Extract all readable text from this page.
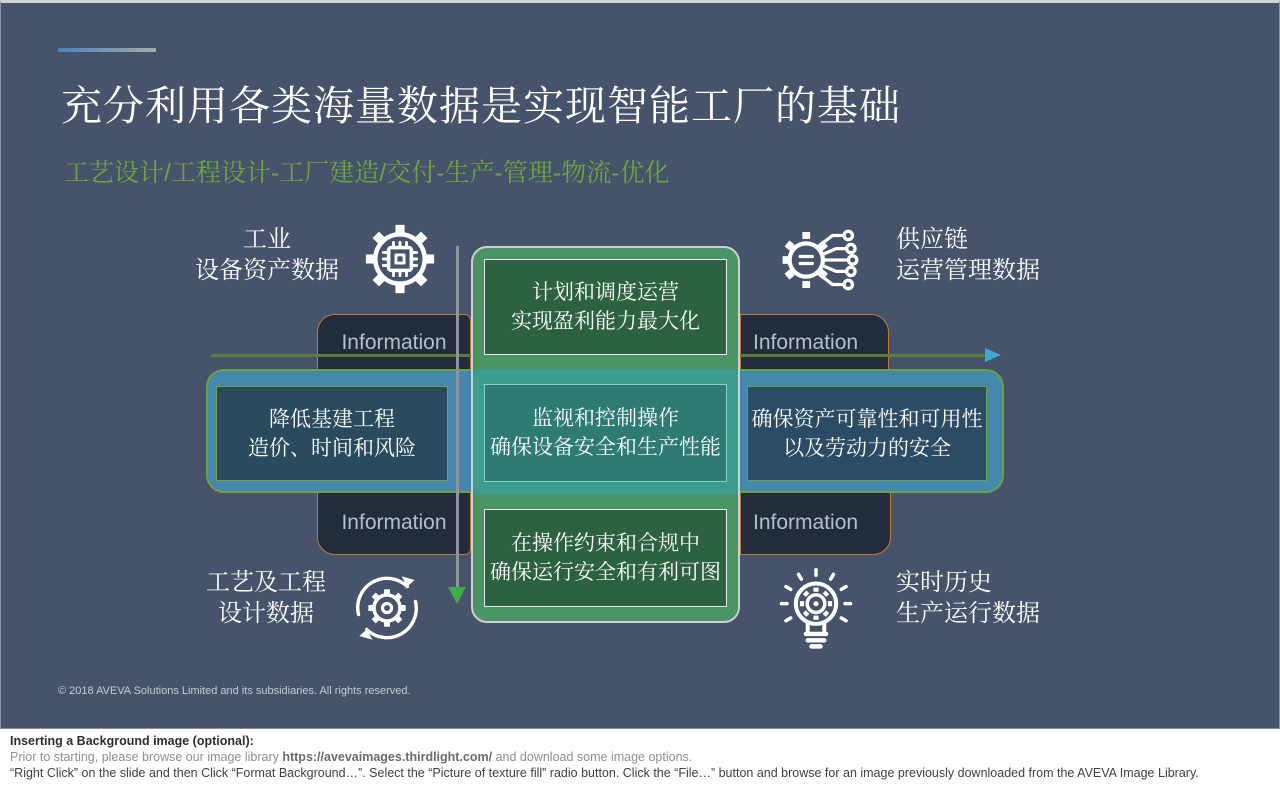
充分利用各类海量数据是实现智能工厂的基础
工艺设计/工程设计-工厂建造/交付-生产-管理-物流-优化
工业
设备资产数据
供应链
运营管理数据
工艺及工程
设计数据
实时历史
生产运行数据
Information	Information
Information	Information
计划和调度运营
实现盈利能力最大化
降低基建工程
造价、时间和风险
监视和控制操作
确保设备安全和生产性能
确保资产可靠性和可用性
以及劳动力的安全
在操作约束和合规中
确保运行安全和有利可图
© 2018 AVEVA Solutions Limited and its subsidiaries. All rights reserved.
Inserting a Background image (optional):
Prior to starting, please browse our image library https://avevaimages.thirdlight.com/ and download some image options.
“Right Click” on the slide and then Click “Format Background…”. Select the “Picture of texture fill” radio button. Click the “File…” button and browse for an image previously downloaded from the AVEVA Image Library.
